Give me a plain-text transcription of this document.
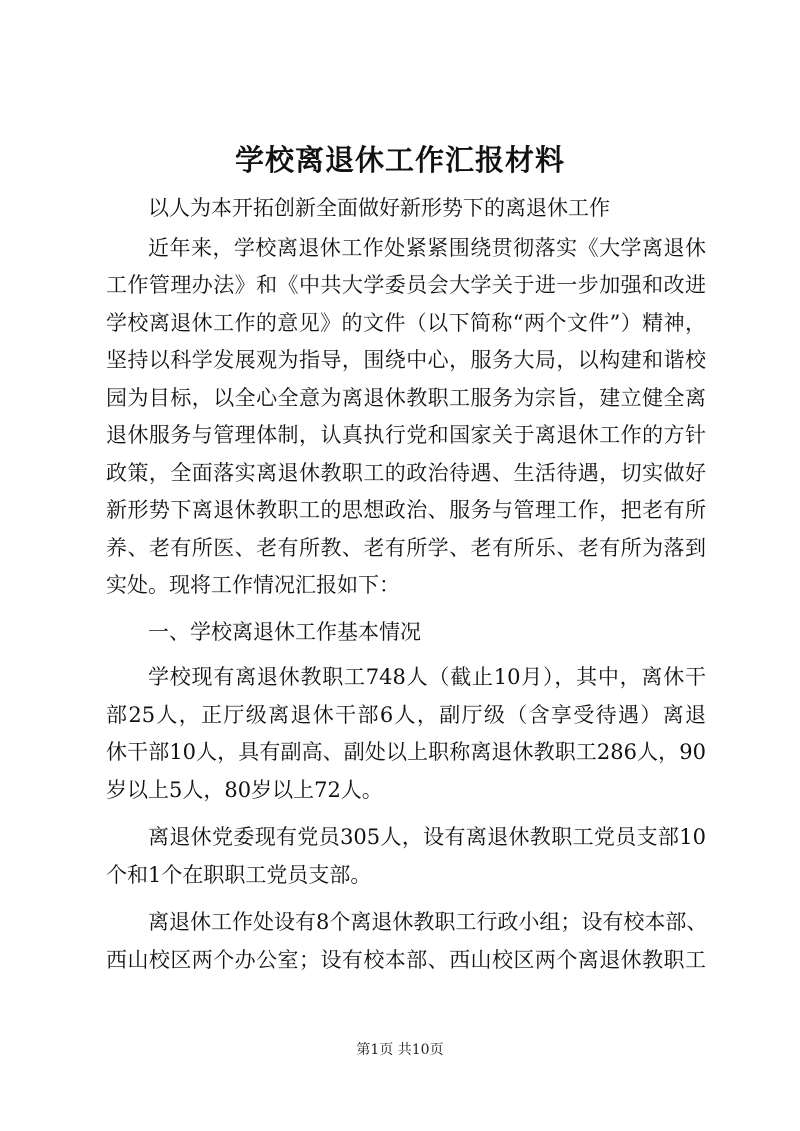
学校离退休工作汇报材料
以人为本开拓创新全面做好新形势下的离退休工作
近年来，学校离退休工作处紧紧围绕贯彻落实《大学离退休
工作管理办法》和《中共大学委员会大学关于进一步加强和改进
学校离退休工作的意见》的文件（以下简称“两个文件”）精神，
坚持以科学发展观为指导，围绕中心，服务大局，以构建和谐校
园为目标，以全心全意为离退休教职工服务为宗旨，建立健全离
退休服务与管理体制，认真执行党和国家关于离退休工作的方针
政策，全面落实离退休教职工的政治待遇、生活待遇，切实做好
新形势下离退休教职工的思想政治、服务与管理工作，把老有所
养、老有所医、老有所教、老有所学、老有所乐、老有所为落到
实处。现将工作情况汇报如下：
一、学校离退休工作基本情况
学校现有离退休教职工748人（截止10月），其中，离休干
部25人，正厅级离退休干部6人，副厅级（含享受待遇）离退
休干部10人，具有副高、副处以上职称离退休教职工286人，90
岁以上5人，80岁以上72人。
离退休党委现有党员305人，设有离退休教职工党员支部10
个和1个在职职工党员支部。
离退休工作处设有8个离退休教职工行政小组；设有校本部、
西山校区两个办公室；设有校本部、西山校区两个离退休教职工
第1页 共10页
